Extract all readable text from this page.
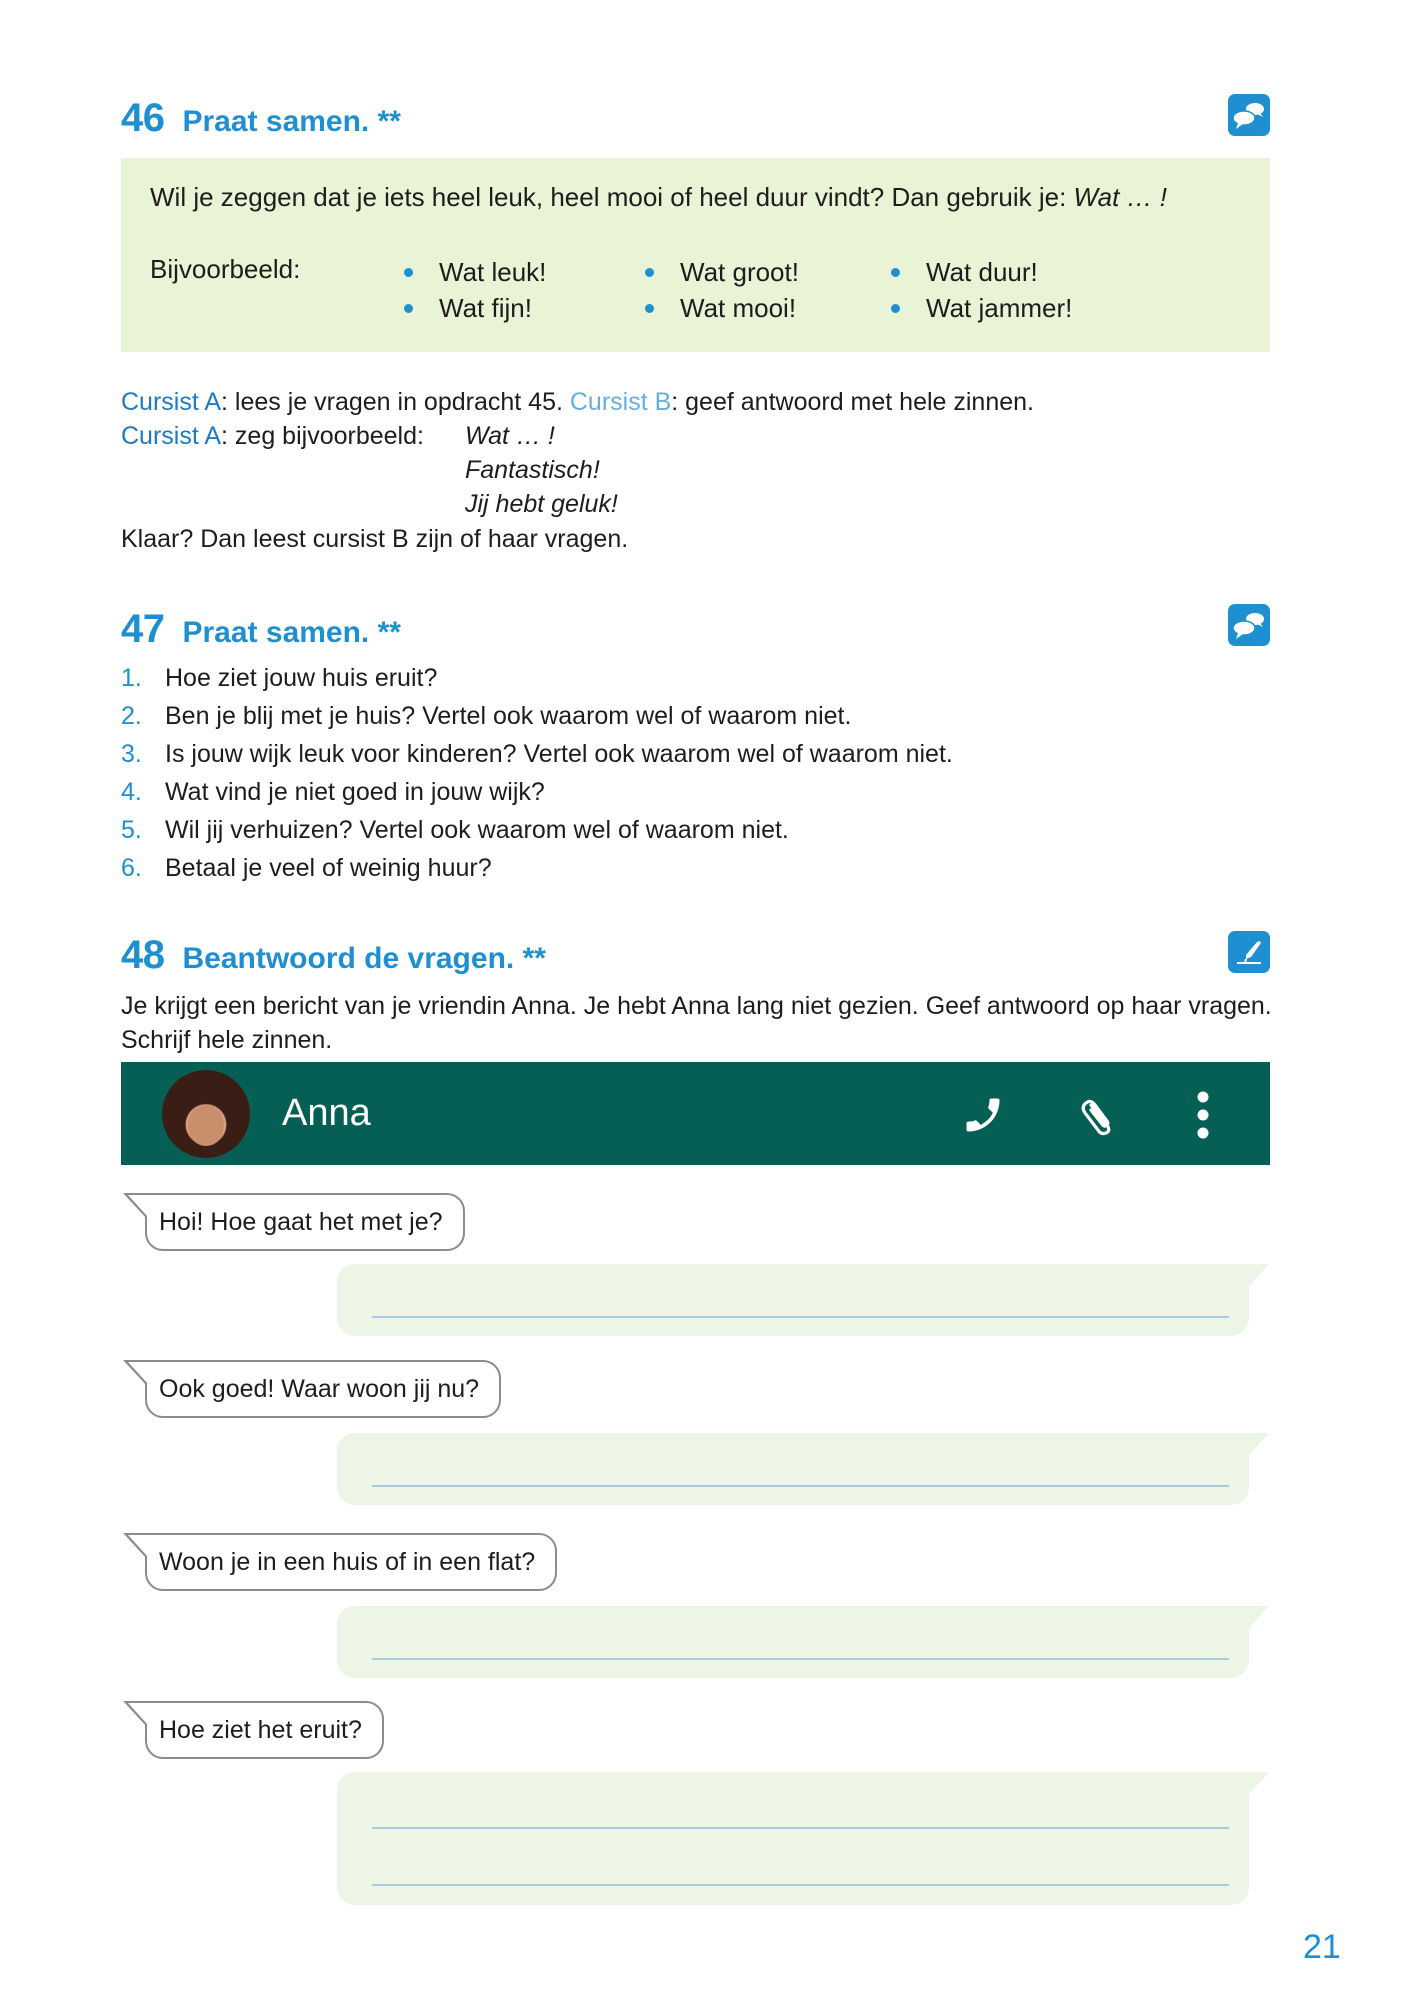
46 Praat samen. **
Wil je zeggen dat je iets heel leuk, heel mooi of heel duur vindt? Dan gebruik je: Wat … !
Bijvoorbeeld:	Wat leuk!
Wat fijn!
Wat groot!
Wat mooi!
Wat duur!
Wat jammer!
Cursist A: lees je vragen in opdracht 45. Cursist B: geef antwoord met hele zinnen.
Cursist A: zeg bijvoorbeeld: Wat … !
Fantastisch!
Jij hebt geluk!
Klaar? Dan leest cursist B zijn of haar vragen.
47 Praat samen. **
1. Hoe ziet jouw huis eruit?
2. Ben je blij met je huis? Vertel ook waarom wel of waarom niet.
3. Is jouw wijk leuk voor kinderen? Vertel ook waarom wel of waarom niet.
4. Wat vind je niet goed in jouw wijk?
5. Wil jij verhuizen? Vertel ook waarom wel of waarom niet.
6. Betaal je veel of weinig huur?
48 Beantwoord de vragen. **
Je krijgt een bericht van je vriendin Anna. Je hebt Anna lang niet gezien. Geef antwoord op haar vragen. Schrijf hele zinnen.
Anna
Hoi! Hoe gaat het met je?
Ook goed! Waar woon jij nu?
Woon je in een huis of in een flat?
Hoe ziet het eruit?
21
